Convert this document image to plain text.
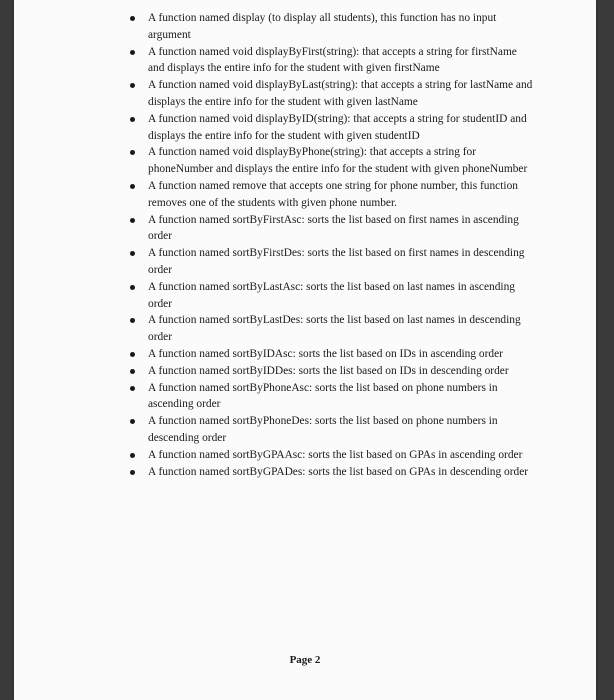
A function named display (to display all students), this function has no input argument
A function named void displayByFirst(string): that accepts a string for firstName and displays the entire info for the student with given firstName
A function named void displayByLast(string): that accepts a string for lastName and displays the entire info for the student with given lastName
A function named void displayByID(string): that accepts a string for studentID and displays the entire info for the student with given studentID
A function named void displayByPhone(string): that accepts a string for phoneNumber and displays the entire info for the student with given phoneNumber
A function named remove that accepts one string for phone number, this function removes one of the students with given phone number.
A function named sortByFirstAsc: sorts the list based on first names in ascending order
A function named sortByFirstDes: sorts the list based on first names in descending order
A function named sortByLastAsc: sorts the list based on last names in ascending order
A function named sortByLastDes: sorts the list based on last names in descending order
A function named sortByIDAsc: sorts the list based on IDs in ascending order
A function named sortByIDDes: sorts the list based on IDs in descending order
A function named sortByPhoneAsc: sorts the list based on phone numbers in ascending order
A function named sortByPhoneDes: sorts the list based on phone numbers in descending order
A function named sortByGPAAsc: sorts the list based on GPAs in ascending order
A function named sortByGPADes: sorts the list based on GPAs in descending order
Page 2
